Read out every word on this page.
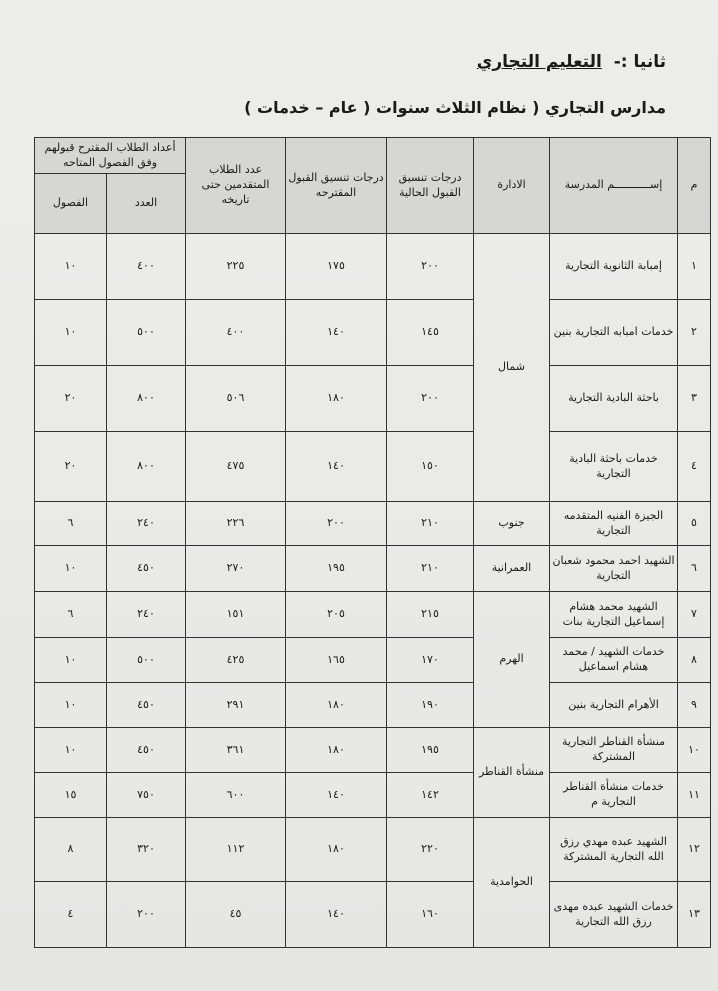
ثانيا :- التعليم التجاري
مدارس التجاري ( نظام الثلاث سنوات ( عام – خدمات )
م	إســـــــــــم المدرسة	الادارة	درجات تنسيق القبول الحالية	درجات تنسيق القبول المقترحه	عدد الطلاب المتقدمين حتى تاريخه	أعداد الطلاب المقترح قبولهم وفق الفصول المتاحه	
						العدد	الفصول
١	إمبابة الثانوية التجارية	شمال	٢٠٠	١٧٥	٢٢٥	٤٠٠	١٠
٢	خدمات امبابه التجارية بنين		١٤٥	١٤٠	٤٠٠	٥٠٠	١٠
٣	باحثة البادية التجارية		٢٠٠	١٨٠	٥٠٦	٨٠٠	٢٠
٤	خدمات باحثة البادية التجارية		١٥٠	١٤٠	٤٧٥	٨٠٠	٢٠
٥	الجيزة الفنيه المتقدمه التجارية	جنوب	٢١٠	٢٠٠	٢٢٦	٢٤٠	٦
٦	الشهيد احمد محمود شعبان التجارية	العمرانية	٢١٠	١٩٥	٢٧٠	٤٥٠	١٠
٧	الشهيد محمد هشام إسماعيل التجارية بنات	الهرم	٢١٥	٢٠٥	١٥١	٢٤٠	٦
٨	خدمات الشهيد / محمد هشام اسماعيل		١٧٠	١٦٥	٤٢٥	٥٠٠	١٠
٩	الأهرام التجارية بنين		١٩٠	١٨٠	٢٩١	٤٥٠	١٠
١٠	منشأة القناطر التجارية المشتركة	منشأة القناطر	١٩٥	١٨٠	٣٦١	٤٥٠	١٠
١١	خدمات منشأة القناطر التجارية م		١٤٢	١٤٠	٦٠٠	٧٥٠	١٥
١٢	الشهيد عبده مهدي رزق الله التجارية المشتركة	الحوامدية	٢٢٠	١٨٠	١١٢	٣٢٠	٨
١٣	خدمات الشهيد عبده مهدى رزق الله التجارية		١٦٠	١٤٠	٤٥	٢٠٠	٤
